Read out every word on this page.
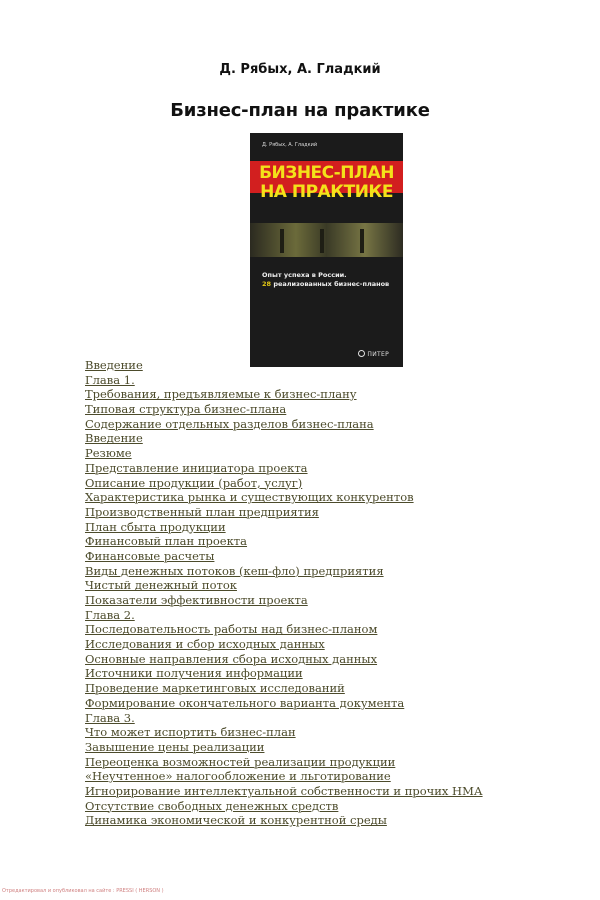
Д. Рябых, А. Гладкий
Бизнес-план на практике
Д. Рябых, А. Гладкий
БИЗНЕС-ПЛАН
НА ПРАКТИКЕ
Опыт успеха в России.
28 реализованных бизнес-планов
ПИТЕР
Введение
Глава 1.
Требования, предъявляемые к бизнес-плану
Типовая структура бизнес-плана
Содержание отдельных разделов бизнес-плана
Введение
Резюме
Представление инициатора проекта
Описание продукции (работ, услуг)
Характеристика рынка и существующих конкурентов
Производственный план предприятия
План сбыта продукции
Финансовый план проекта
Финансовые расчеты
Виды денежных потоков (кеш-фло) предприятия
Чистый денежный поток
Показатели эффективности проекта
Глава 2.
Последовательность работы над бизнес-планом
Исследования и сбор исходных данных
Основные направления сбора исходных данных
Источники получения информации
Проведение маркетинговых исследований
Формирование окончательного варианта документа
Глава 3.
Что может испортить бизнес-план
Завышение цены реализации
Переоценка возможностей реализации продукции
«Неучтенное» налогообложение и льготирование
Игнорирование интеллектуальной собственности и прочих НМА
Отсутствие свободных денежных средств
Динамика экономической и конкурентной среды
Отредактировал и опубликовал на сайте : PRESSI ( HERSON )
